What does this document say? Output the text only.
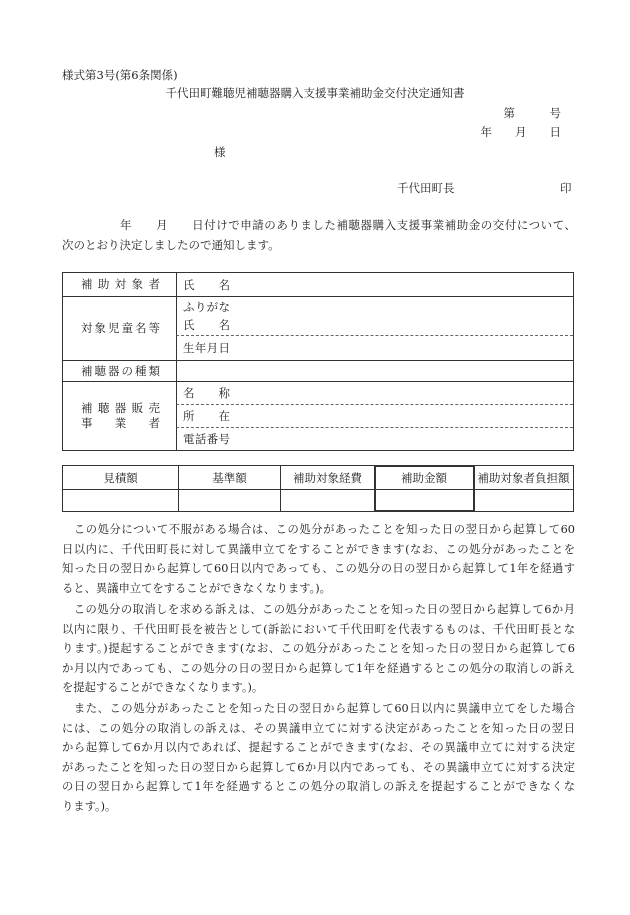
様式第3号(第6条関係)
千代田町難聴児補聴器購入支援事業補助金交付決定通知書
第　　　号
年　　月　　日
様
千代田町長	印
年　　月　　日付けで申請のありました補聴器購入支援事業補助金の交付について、
次のとおり決定しましたので通知します。
補助対象者	氏名

対象児童名等	ふりがな
氏名

	生年月日

補聴器の種類	

補聴器販売
事業者	名称

	所在

	電話番号
見積額	基準額	補助対象経費	補助金額	補助対象者負担額

　この処分について不服がある場合は、この処分があったことを知った日の翌日から起算して60
日以内に、千代田町長に対して異議申立てをすることができます(なお、この処分があったことを
知った日の翌日から起算して60日以内であっても、この処分の日の翌日から起算して1年を経過す
ると、異議申立てをすることができなくなります。)。
　この処分の取消しを求める訴えは、この処分があったことを知った日の翌日から起算して6か月
以内に限り、千代田町長を被告として(訴訟において千代田町を代表するものは、千代田町長とな
ります。)提起することができます(なお、この処分があったことを知った日の翌日から起算して6
か月以内であっても、この処分の日の翌日から起算して1年を経過するとこの処分の取消しの訴え
を提起することができなくなります。)。
　また、この処分があったことを知った日の翌日から起算して60日以内に異議申立てをした場合
には、この処分の取消しの訴えは、その異議申立てに対する決定があったことを知った日の翌日
から起算して6か月以内であれば、提起することができます(なお、その異議申立てに対する決定
があったことを知った日の翌日から起算して6か月以内であっても、その異議申立てに対する決定
の日の翌日から起算して1年を経過するとこの処分の取消しの訴えを提起することができなくな
ります。)。
